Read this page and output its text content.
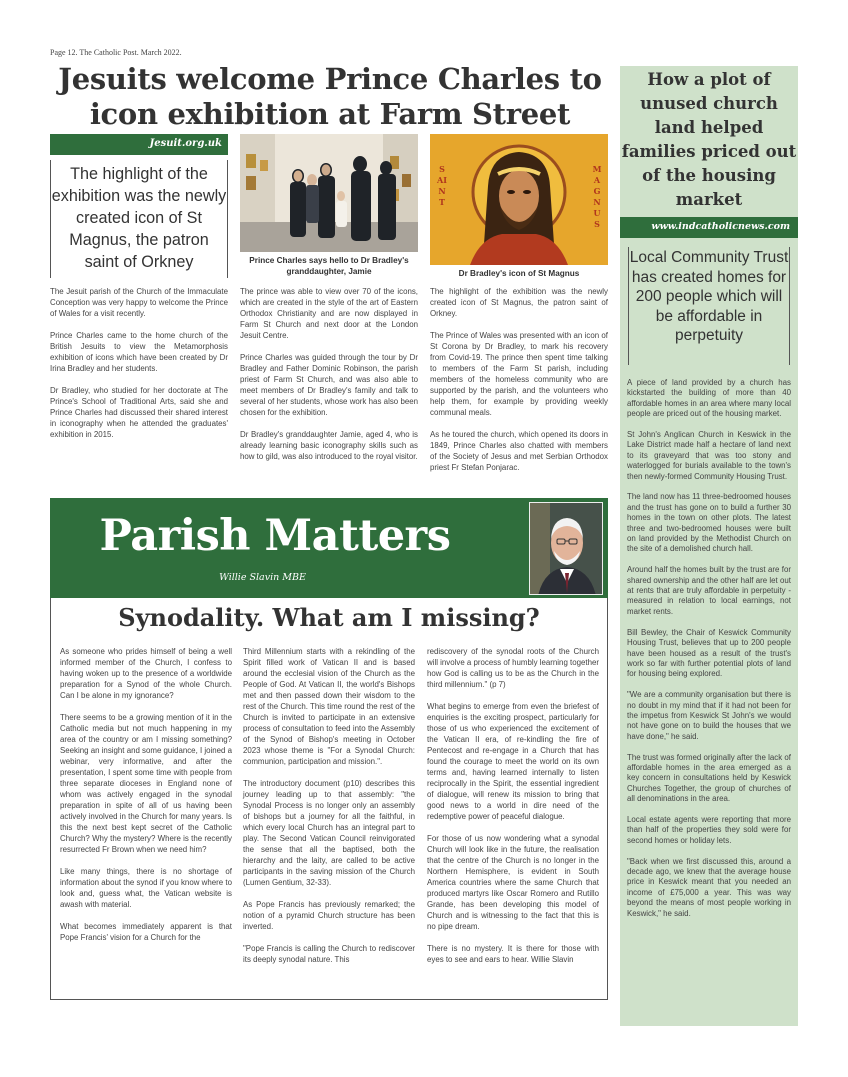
Page 12. The Catholic Post. March 2022.
Jesuits welcome Prince Charles to icon exhibition at Farm Street
Jesuit.org.uk
The highlight of the exhibition was the newly created icon of St Magnus, the patron saint of Orkney	Prince Charles says hello to Dr Bradley's granddaughter, Jamie
SAINT
MAGNUS
Dr Bradley's icon of St Magnus

The Jesuit parish of the Church of the Immaculate Conception was very happy to welcome the Prince of Wales for a visit recently.

Prince Charles came to the home church of the British Jesuits to view the Metamorphosis exhibition of icons which have been created by Dr Irina Bradley and her students.

Dr Bradley, who studied for her doctorate at The Prince's School of Traditional Arts, said she and Prince Charles had discussed their shared interest in iconography when he attended the graduates' exhibition in 2015.

The prince was able to view over 70 of the icons, which are created in the style of the art of Eastern Orthodox Christianity and are now displayed in Farm St Church and next door at the London Jesuit Centre.

Prince Charles was guided through the tour by Dr Bradley and Father Dominic Robinson, the parish priest of Farm St Church, and was also able to meet members of Dr Bradley's family and talk to several of her students, whose work has also been chosen for the exhibition.

Dr Bradley's granddaughter Jamie, aged 4, who is already learning basic iconography skills such as how to gild, was also introduced to the royal visitor.

The highlight of the exhibition was the newly created icon of St Magnus, the patron saint of Orkney.

The Prince of Wales was presented with an icon of St Corona by Dr Bradley, to mark his recovery from Covid-19. The prince then spent time talking to members of the Farm St parish, including members of the homeless community who are supported by the parish, and the volunteers who help them, for example by providing weekly communal meals.

As he toured the church, which opened its doors in 1849, Prince Charles also chatted with members of the Society of Jesus and met Serbian Orthodox priest Fr Stefan Ponjarac.

How a plot of unused church land helped families priced out of the housing market
www.indcatholicnews.com
Local Community Trust has created homes for 200 people which will be affordable in perpetuity

A piece of land provided by a church has kickstarted the building of more than 40 affordable homes in an area where many local people are priced out of the housing market.

St John's Anglican Church in Keswick in the Lake District made half a hectare of land next to its graveyard that was too stony and waterlogged for burials available to the town's then newly-formed Community Housing Trust.

The land now has 11 three-bedroomed houses and the trust has gone on to build a further 30 homes in the town on other plots. The latest three and two-bedroomed houses were built on land provided by the Methodist Church on the site of a demolished church hall.

Around half the homes built by the trust are for shared ownership and the other half are let out at rents that are truly affordable in perpetuity - measured in relation to local earnings, not market rents.

Bill Bewley, the Chair of Keswick Community Housing Trust, believes that up to 200 people have been housed as a result of the trust's work so far with further potential plots of land for housing being explored.

"We are a community organisation but there is no doubt in my mind that if it had not been for the impetus from Keswick St John's we would not have gone on to build the houses that we have done," he said.

The trust was formed originally after the lack of affordable homes in the area emerged as a key concern in consultations held by Keswick Churches Together, the group of churches of all denominations in the area.

Local estate agents were reporting that more than half of the properties they sold were for second homes or holiday lets.

"Back when we first discussed this, around a decade ago, we knew that the average house price in Keswick meant that you needed an income of £75,000 a year. This was way beyond the means of most people working in Keswick," he said.

Parish Matters
Willie Slavin MBE
Synodality. What am I missing?

As someone who prides himself of being a well informed member of the Church, I confess to having woken up to the presence of a worldwide preparation for a Synod of the whole Church. Can I be alone in my ignorance?

There seems to be a growing mention of it in the Catholic media but not much happening in my area of the country or am I missing something? Seeking an insight and some guidance, I joined a webinar, very informative, and after the presentation, I spent some time with people from three separate dioceses in England none of whom was actively engaged in the synodal preparation in spite of all of us having been actively involved in the Church for many years. Is this the next best kept secret of the Catholic Church? Why the mystery? Where is the recently resurrected Fr Brown when we need him?

Like many things, there is no shortage of information about the synod if you know where to look and, guess what, the Vatican website is awash with material.

What becomes immediately apparent is that Pope Francis' vision for a Church for the

Third Millennium starts with a rekindling of the Spirit filled work of Vatican II and is based around the ecclesial vision of the Church as the People of God. At Vatican II, the world's Bishops met and then passed down their wisdom to the rest of the Church. This time round the rest of the Church is invited to participate in an extensive process of consultation to feed into the Assembly of the Synod of Bishop's meeting in October 2023 whose theme is "For a Synodal Church: communion, participation and mission.".

The introductory document (p10) describes this journey leading up to that assembly: "the Synodal Process is no longer only an assembly of bishops but a journey for all the faithful, in which every local Church has an integral part to play. The Second Vatican Council reinvigorated the sense that all the baptised, both the hierarchy and the laity, are called to be active participants in the saving mission of the Church (Lumen Gentium, 32-33).

As Pope Francis has previously remarked; the notion of a pyramid Church structure has been inverted.

"Pope Francis is calling the Church to rediscover its deeply synodal nature. This

rediscovery of the synodal roots of the Church will involve a process of humbly learning together how God is calling us to be as the Church in the third millennium." (p 7)

What begins to emerge from even the briefest of enquiries is the exciting prospect, particularly for those of us who experienced the excitement of the Vatican II era, of re-kindling the fire of Pentecost and re-engage in a Church that has found the courage to meet the world on its own terms and, having learned internally to listen reciprocally in the Spirit, the essential ingredient of dialogue, will renew its mission to bring that good news to a world in dire need of the redemptive power of peaceful dialogue.

For those of us now wondering what a synodal Church will look like in the future, the realisation that the centre of the Church is no longer in the Northern Hemisphere, is evident in South America countries where the same Church that produced martyrs like Oscar Romero and Rutillo Grande, has been developing this model of Church and is witnessing to the fact that this is no pipe dream.

There is no mystery. It is there for those with eyes to see and ears to hear. Willie Slavin
